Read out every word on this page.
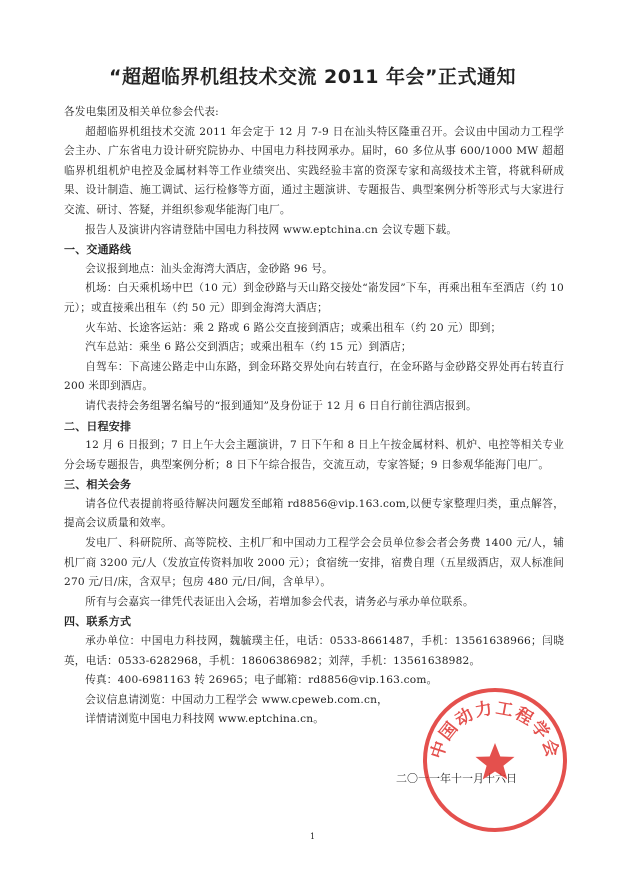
“超超临界机组技术交流 2011 年会”正式通知

各发电集团及相关单位参会代表:

超超临界机组技术交流 2011 年会定于 12 月 7-9 日在汕头特区隆重召开。会议由中国动力工程学会主办、广东省电力设计研究院协办、中国电力科技网承办。届时，60 多位从事 600/1000 MW 超超临界机组机炉电控及金属材料等工作业绩突出、实践经验丰富的资深专家和高级技术主管，将就科研成果、设计制造、施工调试、运行检修等方面，通过主题演讲、专题报告、典型案例分析等形式与大家进行交流、研讨、答疑，并组织参观华能海门电厂。

报告人及演讲内容请登陆中国电力科技网 www.eptchina.cn 会议专题下载。

一、交通路线

会议报到地点：汕头金海湾大酒店，金砂路 96 号。

机场：白天乘机场中巴（10 元）到金砂路与天山路交接处“嵛发园”下车，再乘出租车至酒店（约 10 元）；或直接乘出租车（约 50 元）即到金海湾大酒店；

火车站、长途客运站：乘 2 路或 6 路公交直接到酒店；或乘出租车（约 20 元）即到；

汽车总站：乘坐 6 路公交到酒店；或乘出租车（约 15 元）到酒店；

自驾车：下高速公路走中山东路，到金环路交界处向右转直行，在金环路与金砂路交界处再右转直行 200 米即到酒店。

请代表持会务组署名编号的“报到通知”及身份证于 12 月 6 日自行前往酒店报到。

二、日程安排

12 月 6 日报到；7 日上午大会主题演讲，7 日下午和 8 日上午按金属材料、机炉、电控等相关专业分会场专题报告，典型案例分析；8 日下午综合报告，交流互动，专家答疑；9 日参观华能海门电厂。

三、相关会务

请各位代表提前将亟待解决问题发至邮箱 rd8856@vip.163.com,以便专家整理归类，重点解答，提高会议质量和效率。

发电厂、科研院所、高等院校、主机厂和中国动力工程学会会员单位参会者会务费 1400 元/人，辅机厂商 3200 元/人（发放宣传资料加收 2000 元）；食宿统一安排，宿费自理（五星级酒店，双人标准间 270 元/日/床，含双早；包房 480 元/日/间，含单早）。

所有与会嘉宾一律凭代表证出入会场，若增加参会代表，请务必与承办单位联系。

四、联系方式

承办单位：中国电力科技网，魏毓璞主任，电话：0533-8661487，手机：13561638966；闫晓英，电话：0533-6282968，手机：18606386982；刘萍，手机：13561638982。

传真：400-6981163 转 26965；电子邮箱：rd8856@vip.163.com。

会议信息请浏览：中国动力工程学会 www.cpeweb.com.cn，

详情请浏览中国电力科技网 www.eptchina.cn。

二〇一一年十一月十六日
中国动力工程学会
1
